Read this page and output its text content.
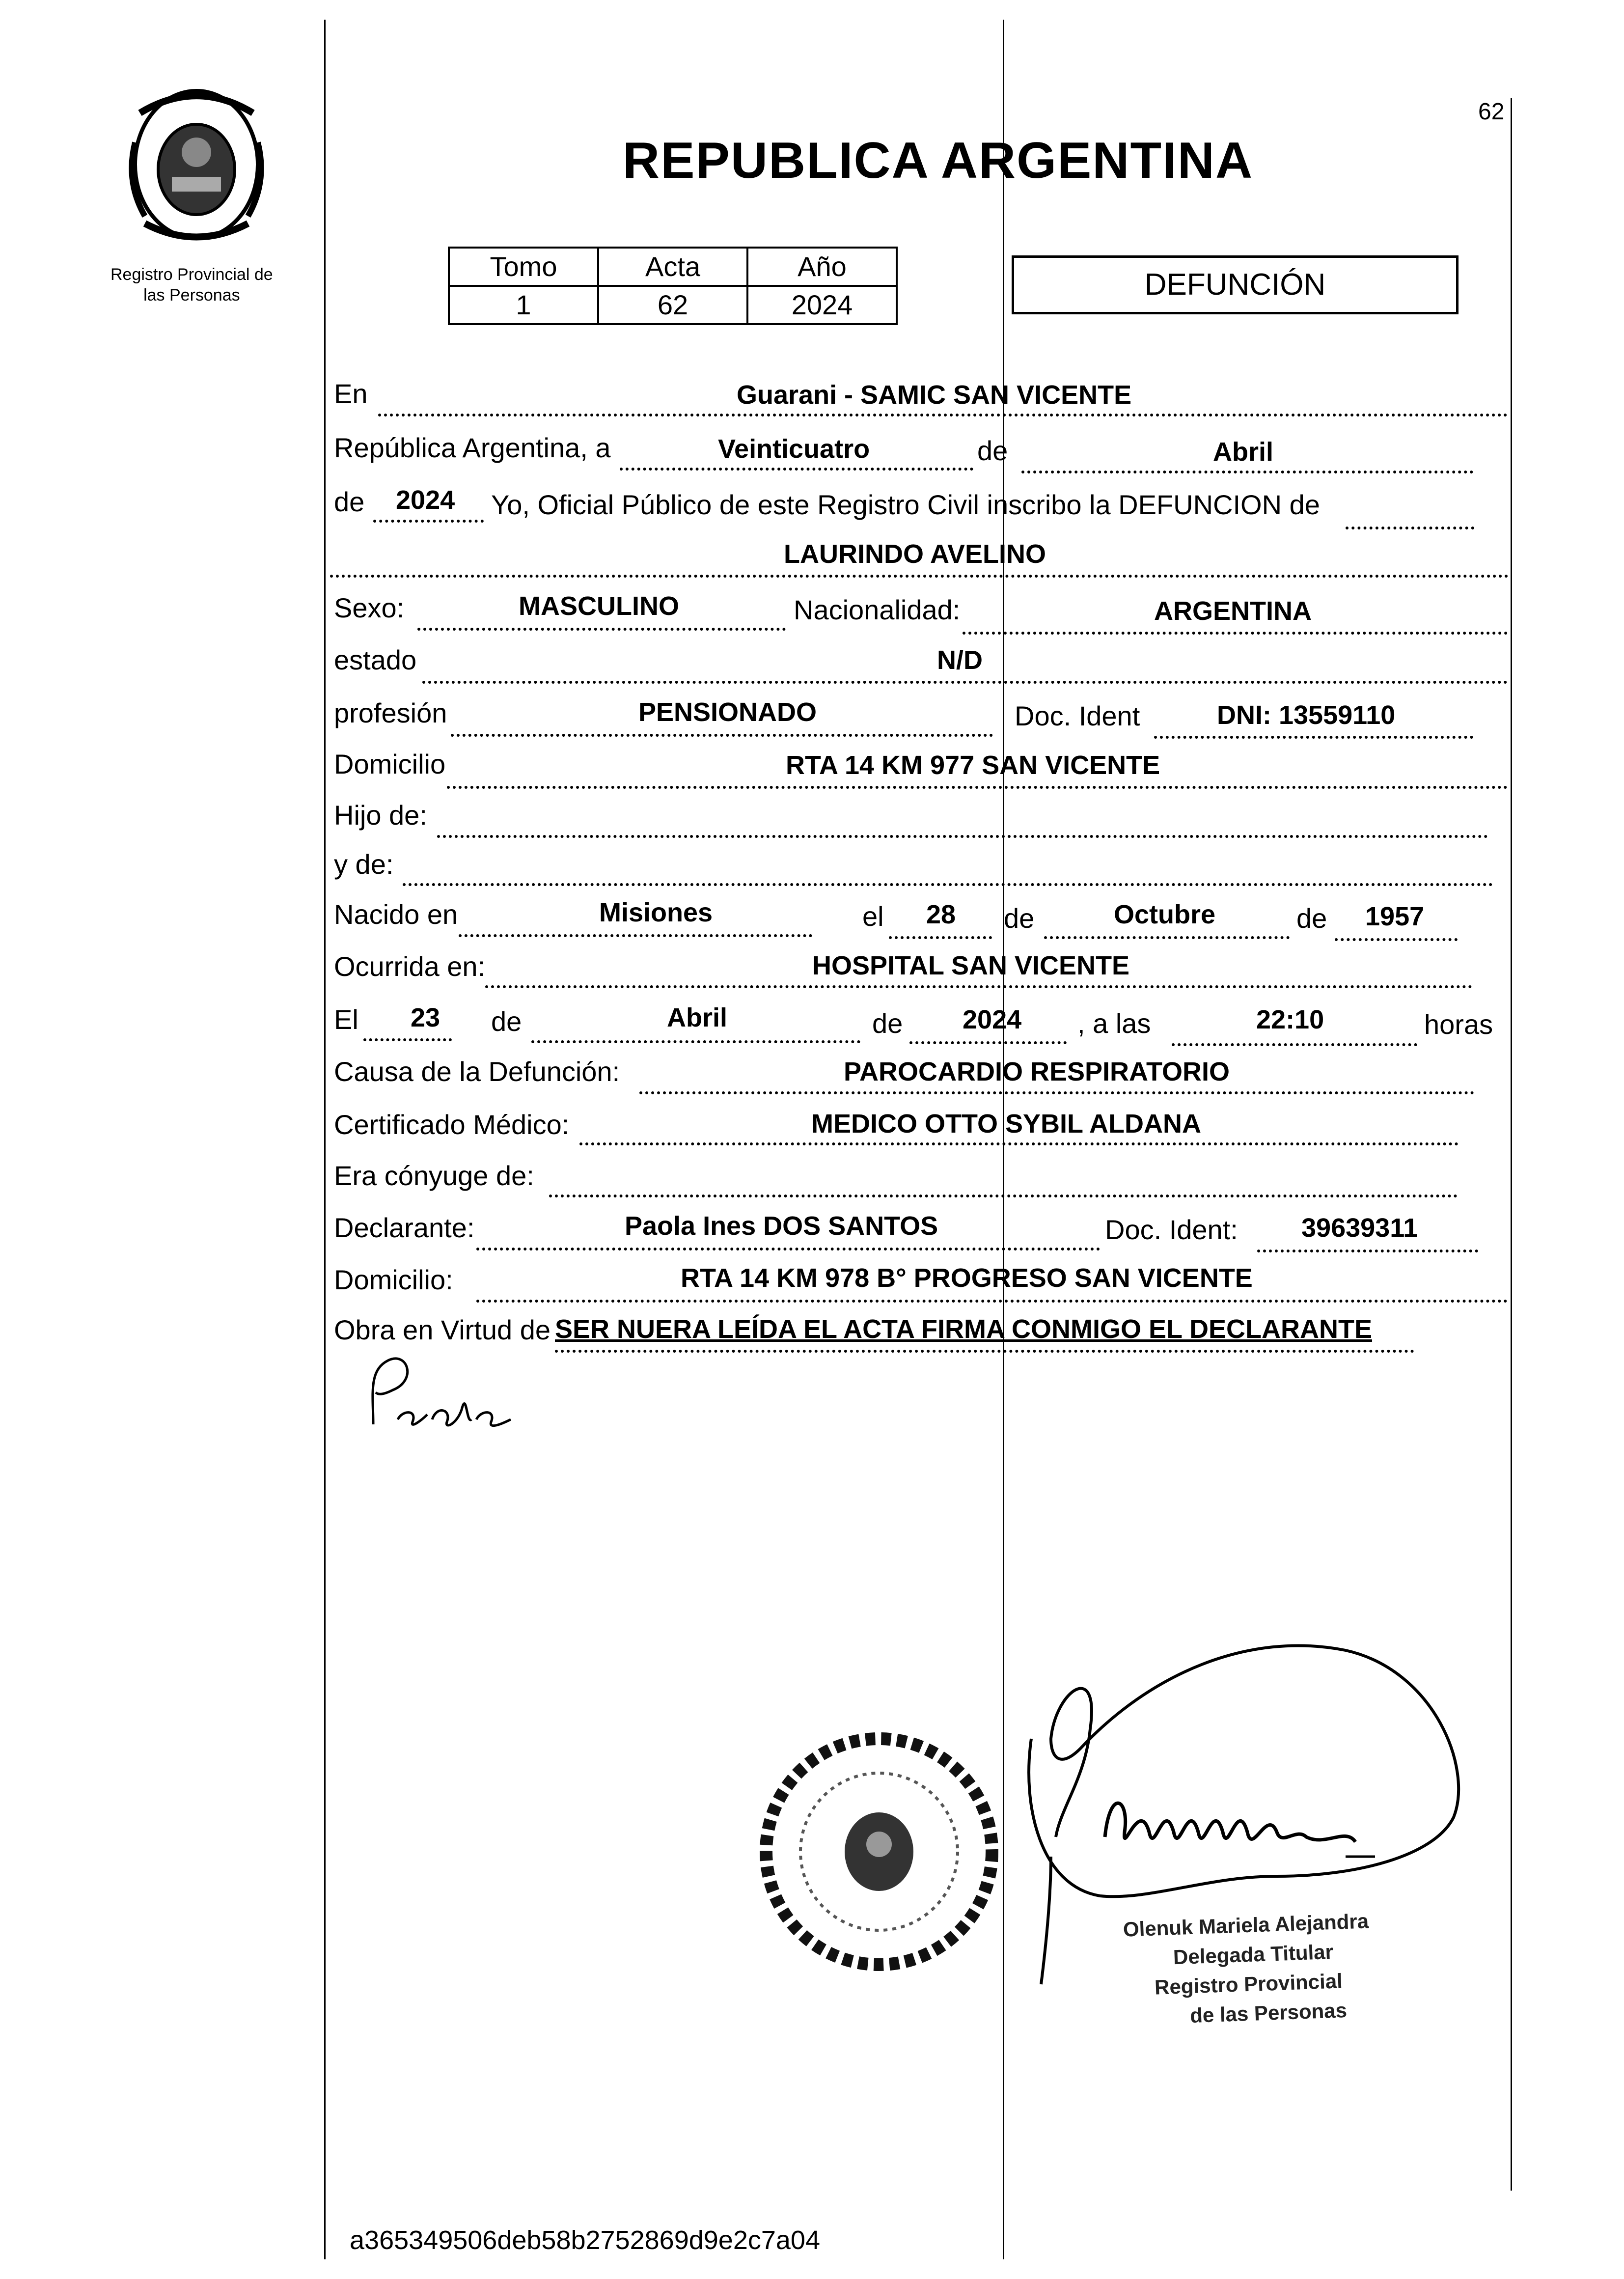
62
Registro Provincial de
las Personas
REPUBLICA ARGENTINA
Tomo	Acta	Año
1	62	2024
DEFUNCIÓN
En	Guarani - SAMIC SAN VICENTE
República Argentina, a	Veinticuatro	de	Abril
de 2024 Yo, Oficial Público de este Registro Civil inscribo la DEFUNCION de
LAURINDO AVELINO
Sexo:	MASCULINO	Nacionalidad:	ARGENTINA
estado	N/D
profesión	PENSIONADO	Doc. Ident	DNI: 13559110
Domicilio	RTA 14 KM 977 SAN VICENTE
Hijo de:
y de:
Nacido en	Misiones	el 28 de	Octubre	de 1957
Ocurrida en:	HOSPITAL SAN VICENTE
El 23 de	Abril	de 2024 , a las	22:10	horas
Causa de la Defunción:	PAROCARDIO RESPIRATORIO
Certificado Médico:	MEDICO OTTO SYBIL ALDANA
Era cónyuge de:
Declarante:	Paola Ines DOS SANTOS	Doc. Ident: 39639311
Domicilio:	RTA 14 KM 978 B° PROGRESO SAN VICENTE
Obra en Virtud de SER NUERA LEÍDA EL ACTA FIRMA CONMIGO EL DECLARANTE
Olenuk Mariela Alejandra
Delegada Titular
Registro Provincial
de las Personas
a365349506deb58b2752869d9e2c7a04
